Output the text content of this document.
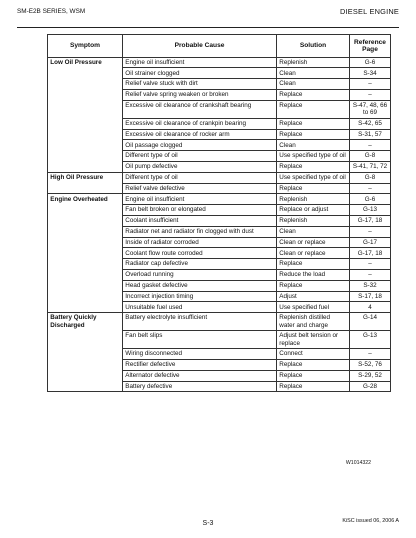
SM-E2B SERIES, WSM	DIESEL ENGINE
Symptom	Probable Cause	Solution	Reference Page
Low Oil Pressure	Engine oil insufficient	Replenish	G-6
	Oil strainer clogged	Clean	S-34
	Relief valve stuck with dirt	Clean	–
	Relief valve spring weaken or broken	Replace	–
	Excessive oil clearance of crankshaft bearing	Replace	S-47, 48, 66 to 69
	Excessive oil clearance of crankpin bearing	Replace	S-42, 65
	Excessive oil clearance of rocker arm	Replace	S-31, 57
	Oil passage clogged	Clean	–
	Different type of oil	Use specified type of oil	G-8
	Oil pump defective	Replace	S-41, 71, 72
High Oil Pressure	Different type of oil	Use specified type of oil	G-8
	Relief valve defective	Replace	–
Engine Overheated	Engine oil insufficient	Replenish	G-6
	Fan belt broken or elongated	Replace or adjust	G-13
	Coolant insufficient	Replenish	G-17, 18
	Radiator net and radiator fin clogged with dust	Clean	–
	Inside of radiator corroded	Clean or replace	G-17
	Coolant flow route corroded	Clean or replace	G-17, 18
	Radiator cap defective	Replace	–
	Overload running	Reduce the load	–
	Head gasket defective	Replace	S-32
	Incorrect injection timing	Adjust	S-17, 18
	Unsuitable fuel used	Use specified fuel	4
Battery Quickly Discharged	Battery electrolyte insufficient	Replenish distilled water and charge	G-14
	Fan belt slips	Adjust belt tension or replace	G-13
	Wiring disconnected	Connect	–
	Rectifier defective	Replace	S-52, 76
	Alternator defective	Replace	S-29, 52
	Battery defective	Replace	G-28
W1014322
KiSC issued 06, 2006 A
S-3
